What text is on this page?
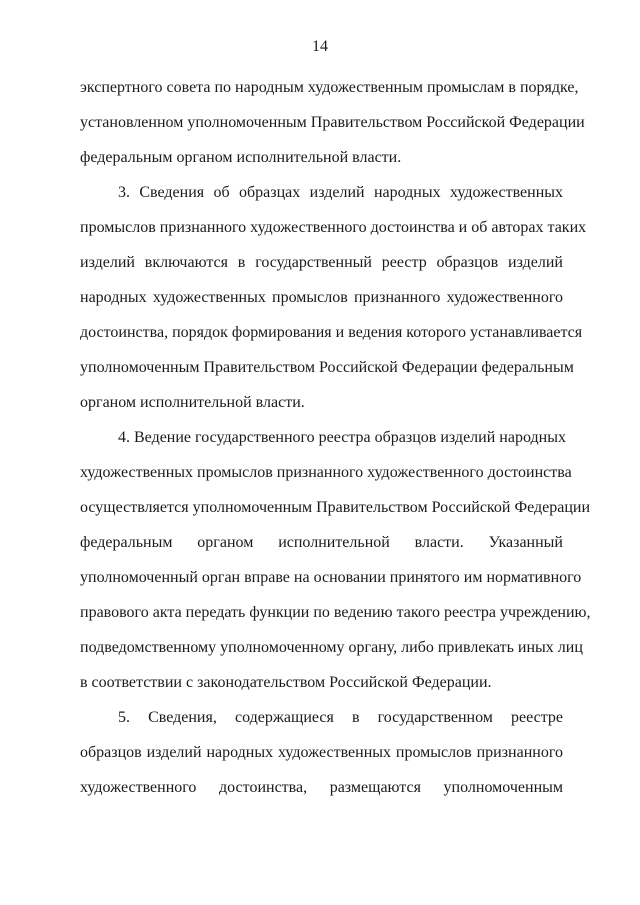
14
экспертного совета по народным художественным промыслам в порядке,
установленном уполномоченным Правительством Российской Федерации
федеральным органом исполнительной власти.
3. Сведения об образцах изделий народных художественных
промыслов признанного художественного достоинства и об авторах таких
изделий включаются в государственный реестр образцов изделий
народных художественных промыслов признанного художественного
достоинства, порядок формирования и ведения которого устанавливается
уполномоченным Правительством Российской Федерации федеральным
органом исполнительной власти.
4. Ведение государственного реестра образцов изделий народных
художественных промыслов признанного художественного достоинства
осуществляется уполномоченным Правительством Российской Федерации
федеральным органом исполнительной власти. Указанный
уполномоченный орган вправе на основании принятого им нормативного
правового акта передать функции по ведению такого реестра учреждению,
подведомственному уполномоченному органу, либо привлекать иных лиц
в соответствии с законодательством Российской Федерации.
5. Сведения, содержащиеся в государственном реестре
образцов изделий народных художественных промыслов признанного
художественного достоинства, размещаются уполномоченным
